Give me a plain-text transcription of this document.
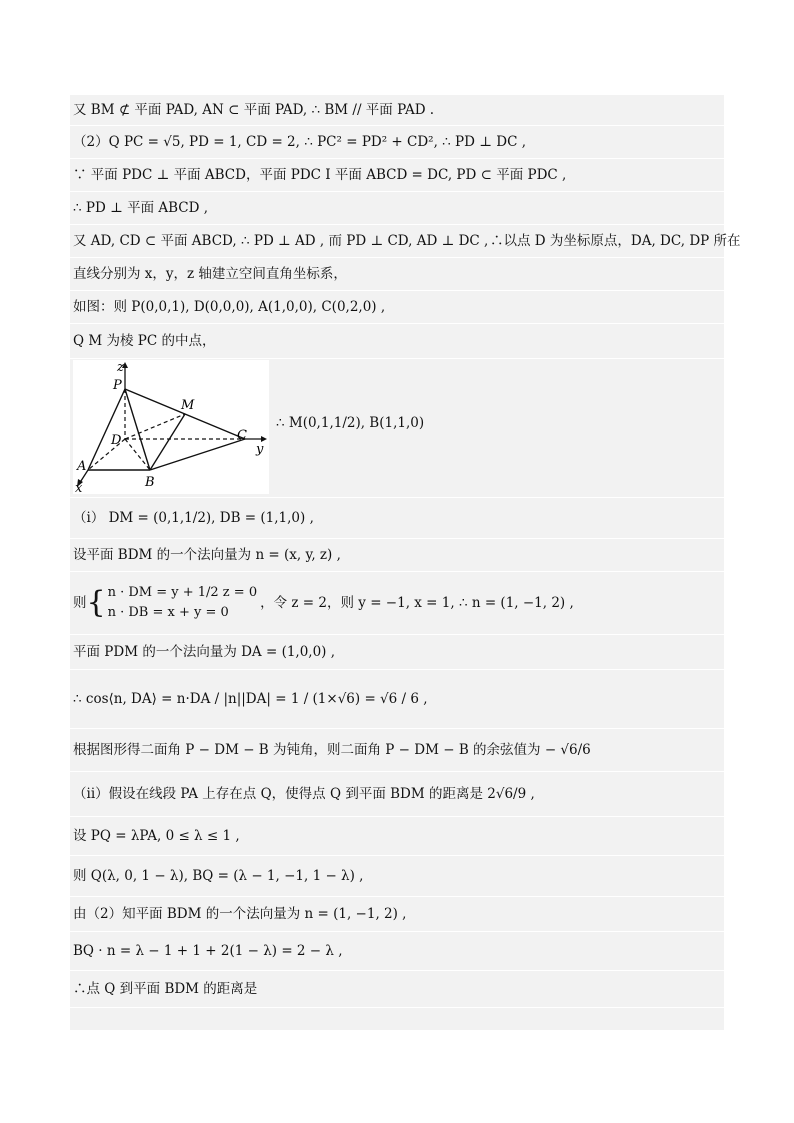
又 BM ⊄ 平面 PAD, AN ⊂ 平面 PAD, ∴ BM // 平面 PAD .
（2）Q PC = √5, PD = 1, CD = 2, ∴ PC² = PD² + CD², ∴ PD ⊥ DC ,
∵ 平面 PDC ⊥ 平面 ABCD，平面 PDC I 平面 ABCD = DC, PD ⊂ 平面 PDC ,
∴ PD ⊥ 平面 ABCD ,
又 AD, CD ⊂ 平面 ABCD, ∴ PD ⊥ AD , 而 PD ⊥ CD, AD ⊥ DC , ∴以点 D 为坐标原点，DA, DC, DP 所在
直线分别为 x，y，z 轴建立空间直角坐标系，
如图：则 P(0,0,1), D(0,0,0), A(1,0,0), C(0,2,0) ,
Q M 为棱 PC 的中点，
z
P
M
D	C
y
A
B
x
∴ M(0,1,1/2), B(1,1,0)
（i） DM = (0,1,1/2), DB = (1,1,0) ,
设平面 BDM 的一个法向量为 n = (x, y, z) ,
则 { n · DM = y + 1/2 z = 0
n · DB = x + y = 0
，令 z = 2，则 y = −1, x = 1, ∴ n = (1, −1, 2) ,
平面 PDM 的一个法向量为 DA = (1,0,0) ,
∴ cos⟨n, DA⟩ = n·DA / |n||DA| = 1 / (1×√6) = √6 / 6 ,
根据图形得二面角 P − DM − B 为钝角，则二面角 P − DM − B 的余弦值为 − √6/6
（ii）假设在线段 PA 上存在点 Q，使得点 Q 到平面 BDM 的距离是 2√6/9 ,
设 PQ = λPA, 0 ≤ λ ≤ 1 ,
则 Q(λ, 0, 1 − λ), BQ = (λ − 1, −1, 1 − λ) ,
由（2）知平面 BDM 的一个法向量为 n = (1, −1, 2) ,
BQ · n = λ − 1 + 1 + 2(1 − λ) = 2 − λ ,
∴点 Q 到平面 BDM 的距离是
